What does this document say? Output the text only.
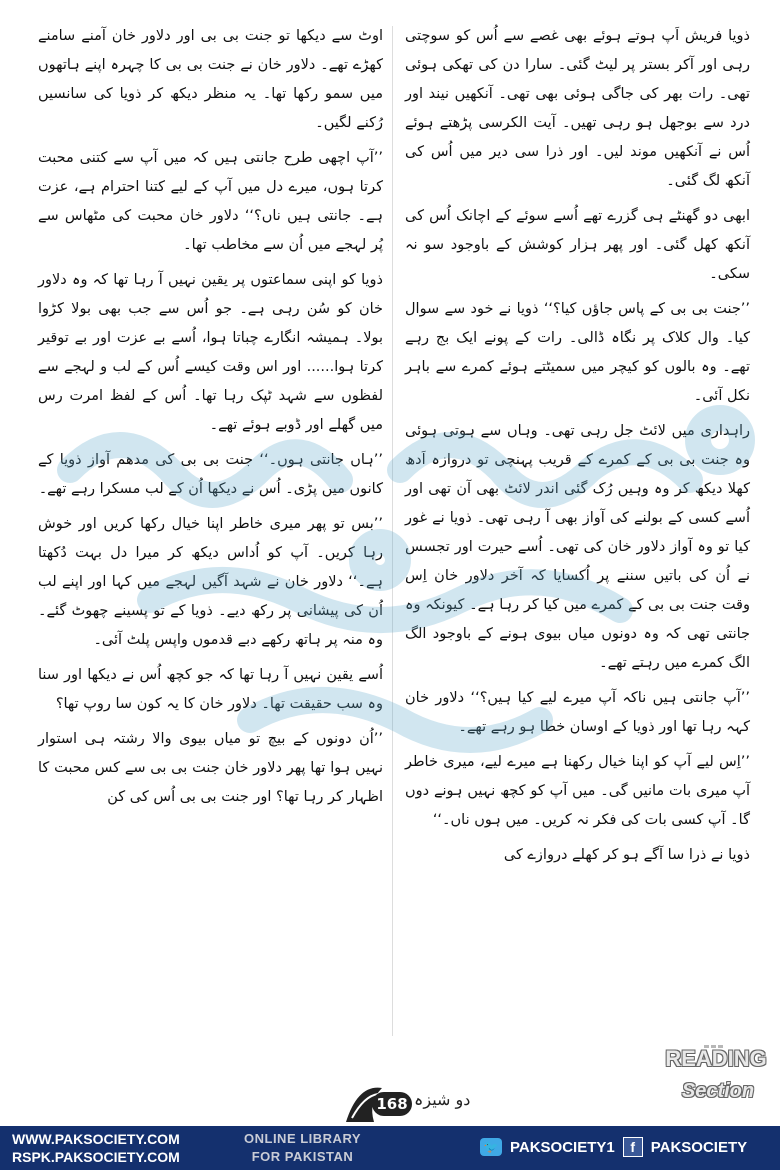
ذویا فریش اَپ ہوتے ہوئے بھی غصے سے اُس کو سوچتی رہی اور آکر بستر پر لیٹ گئی۔ سارا دن کی تھکی ہوئی تھی۔ رات بھر کی جاگی ہوئی بھی تھی۔ آنکھیں نیند اور درد سے بوجھل ہو رہی تھیں۔ آیت الکرسی پڑھتے ہوئے اُس نے آنکھیں موند لیں۔ اور ذرا سی دیر میں اُس کی آنکھ لگ گئی۔

ابھی دو گھنٹے ہی گزرے تھے اُسے سوئے کے اچانک اُس کی آنکھ کھل گئی۔ اور پھر ہزار کوشش کے باوجود سو نہ سکی۔

’’جنت بی بی کے پاس جاؤں کیا؟‘‘ ذویا نے خود سے سوال کیا۔ وال کلاک پر نگاہ ڈالی۔ رات کے پونے ایک بج رہے تھے۔ وہ بالوں کو کیچر میں سمیٹتے ہوئے کمرے سے باہر نکل آئی۔

راہداری میں لائٹ جل رہی تھی۔ وہاں سے ہوتی ہوئی وہ جنت بی بی کے کمرے کے قریب پہنچی تو دروازہ اَدھ کھلا دیکھ کر وہ وہیں رُک گئی اندر لائٹ بھی آن تھی اور اُسے کسی کے بولنے کی آواز بھی آ رہی تھی۔ ذویا نے غور کیا تو وہ آواز دلاور خان کی تھی۔ اُسے حیرت اور تجسس نے اُن کی باتیں سننے پر اُکسایا کہ آخر دلاور خان اِس وقت جنت بی بی کے کمرے میں کیا کر رہا ہے۔ کیونکہ وہ جانتی تھی کہ وہ دونوں میاں بیوی ہونے کے باوجود الگ الگ کمرے میں رہتے تھے۔

’’آپ جانتی ہیں ناکہ آپ میرے لیے کیا ہیں؟‘‘ دلاور خان کہہ رہا تھا اور ذویا کے اوسان خطا ہو رہے تھے۔

’’اِس لیے آپ کو اپنا خیال رکھنا ہے میرے لیے، میری خاطر آپ میری بات مانیں گی۔ میں آپ کو کچھ نہیں ہونے دوں گا۔ آپ کسی بات کی فکر نہ کریں۔ میں ہوں ناں۔‘‘

ذویا نے ذرا سا آگے ہو کر کھلے دروازے کی

اوٹ سے دیکھا تو جنت بی بی اور دلاور خان آمنے سامنے کھڑے تھے۔ دلاور خان نے جنت بی بی کا چہرہ اپنے ہاتھوں میں سمو رکھا تھا۔ یہ منظر دیکھ کر ذویا کی سانسیں رُکنے لگیں۔

’’آپ اچھی طرح جانتی ہیں کہ میں آپ سے کتنی محبت کرتا ہوں، میرے دل میں آپ کے لیے کتنا احترام ہے، عزت ہے۔ جانتی ہیں ناں؟‘‘ دلاور خان محبت کی مٹھاس سے پُر لہجے میں اُن سے مخاطب تھا۔

ذویا کو اپنی سماعتوں پر یقین نہیں آ رہا تھا کہ وہ دلاور خان کو سُن رہی ہے۔ جو اُس سے جب بھی بولا کڑوا بولا۔ ہمیشہ انگارے چباتا ہوا، اُسے بے عزت اور بے توقیر کرتا ہوا...... اور اس وقت کیسے اُس کے لب و لہجے سے لفظوں سے شہد ٹپک رہا تھا۔ اُس کے لفظ امرت رس میں گھلے اور ڈوبے ہوئے تھے۔

’’ہاں جانتی ہوں۔‘‘ جنت بی بی کی مدھم آواز ذویا کے کانوں میں پڑی۔ اُس نے دیکھا اُن کے لب مسکرا رہے تھے۔

’’بس تو پھر میری خاطر اپنا خیال رکھا کریں اور خوش رہا کریں۔ آپ کو اُداس دیکھ کر میرا دل بہت دُکھتا ہے۔‘‘ دلاور خان نے شہد آگیں لہجے میں کہا اور اپنے لب اُن کی پیشانی پر رکھ دیے۔ ذویا کے تو پسینے چھوٹ گئے۔ وہ منہ پر ہاتھ رکھے دبے قدموں واپس پلٹ آئی۔

اُسے یقین نہیں آ رہا تھا کہ جو کچھ اُس نے دیکھا اور سنا وہ سب حقیقت تھا۔ دلاور خان کا یہ کون سا روپ تھا؟

’’اُن دونوں کے بیچ تو میاں بیوی والا رشتہ ہی استوار نہیں ہوا تھا پھر دلاور خان جنت بی بی سے کس محبت کا اظہار کر رہا تھا؟ اور جنت بی بی اُس کی کن

168 دو شیزہ
READING
Section
WWW.PAKSOCIETY.COM
RSPK.PAKSOCIETY.COM
ONLINE LIBRARY
FOR PAKISTAN
🐦 PAKSOCIETY1	f	PAKSOCIETY
